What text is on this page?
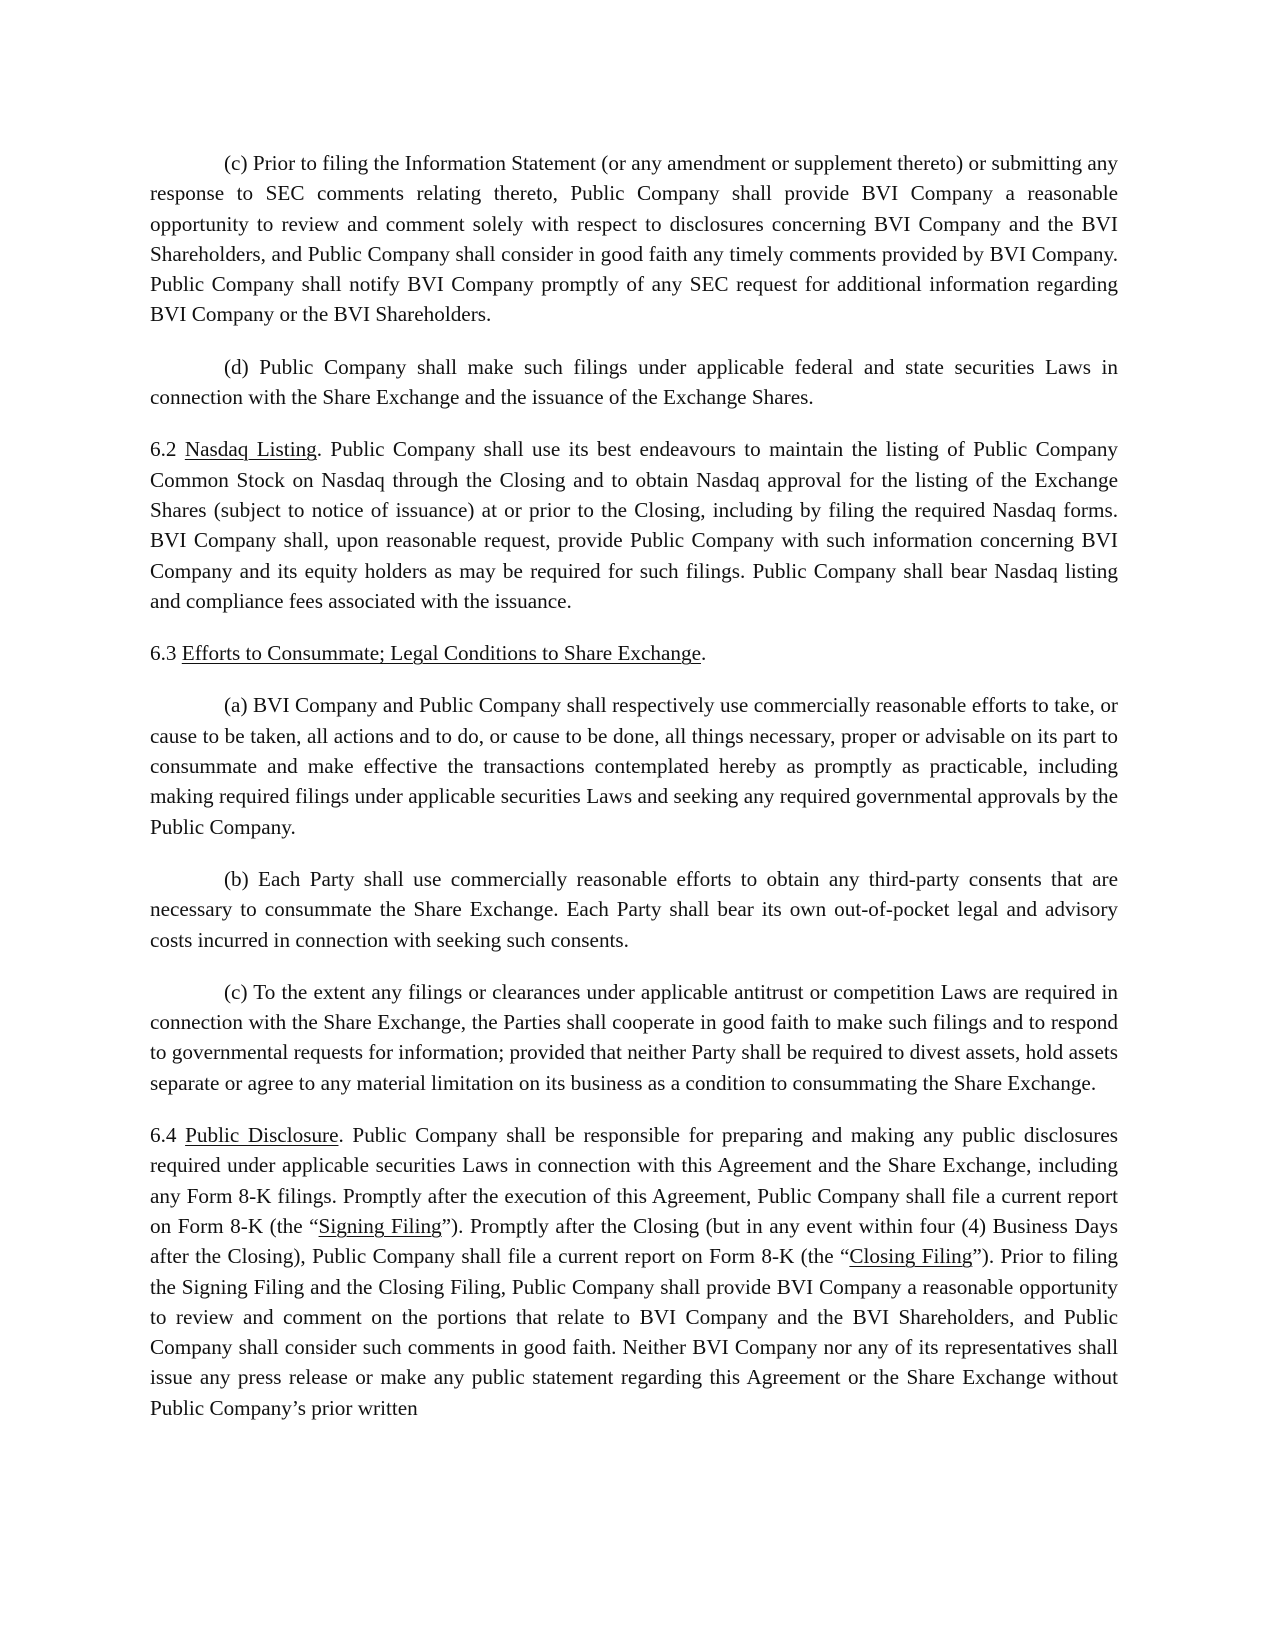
(c) Prior to filing the Information Statement (or any amendment or supplement thereto) or submitting any response to SEC comments relating thereto, Public Company shall provide BVI Company a reasonable opportunity to review and comment solely with respect to disclosures concerning BVI Company and the BVI Shareholders, and Public Company shall consider in good faith any timely comments provided by BVI Company. Public Company shall notify BVI Company promptly of any SEC request for additional information regarding BVI Company or the BVI Shareholders.

(d) Public Company shall make such filings under applicable federal and state securities Laws in connection with the Share Exchange and the issuance of the Exchange Shares.

6.2 Nasdaq Listing. Public Company shall use its best endeavours to maintain the listing of Public Company Common Stock on Nasdaq through the Closing and to obtain Nasdaq approval for the listing of the Exchange Shares (subject to notice of issuance) at or prior to the Closing, including by filing the required Nasdaq forms. BVI Company shall, upon reasonable request, provide Public Company with such information concerning BVI Company and its equity holders as may be required for such filings. Public Company shall bear Nasdaq listing and compliance fees associated with the issuance.

6.3 Efforts to Consummate; Legal Conditions to Share Exchange.

(a) BVI Company and Public Company shall respectively use commercially reasonable efforts to take, or cause to be taken, all actions and to do, or cause to be done, all things necessary, proper or advisable on its part to consummate and make effective the transactions contemplated hereby as promptly as practicable, including making required filings under applicable securities Laws and seeking any required governmental approvals by the Public Company.

(b) Each Party shall use commercially reasonable efforts to obtain any third-party consents that are necessary to consummate the Share Exchange. Each Party shall bear its own out-of-pocket legal and advisory costs incurred in connection with seeking such consents.

(c) To the extent any filings or clearances under applicable antitrust or competition Laws are required in connection with the Share Exchange, the Parties shall cooperate in good faith to make such filings and to respond to governmental requests for information; provided that neither Party shall be required to divest assets, hold assets separate or agree to any material limitation on its business as a condition to consummating the Share Exchange.

6.4 Public Disclosure. Public Company shall be responsible for preparing and making any public disclosures required under applicable securities Laws in connection with this Agreement and the Share Exchange, including any Form 8-K filings. Promptly after the execution of this Agreement, Public Company shall file a current report on Form 8-K (the “Signing Filing”). Promptly after the Closing (but in any event within four (4) Business Days after the Closing), Public Company shall file a current report on Form 8-K (the “Closing Filing”). Prior to filing the Signing Filing and the Closing Filing, Public Company shall provide BVI Company a reasonable opportunity to review and comment on the portions that relate to BVI Company and the BVI Shareholders, and Public Company shall consider such comments in good faith. Neither BVI Company nor any of its representatives shall issue any press release or make any public statement regarding this Agreement or the Share Exchange without Public Company’s prior written
